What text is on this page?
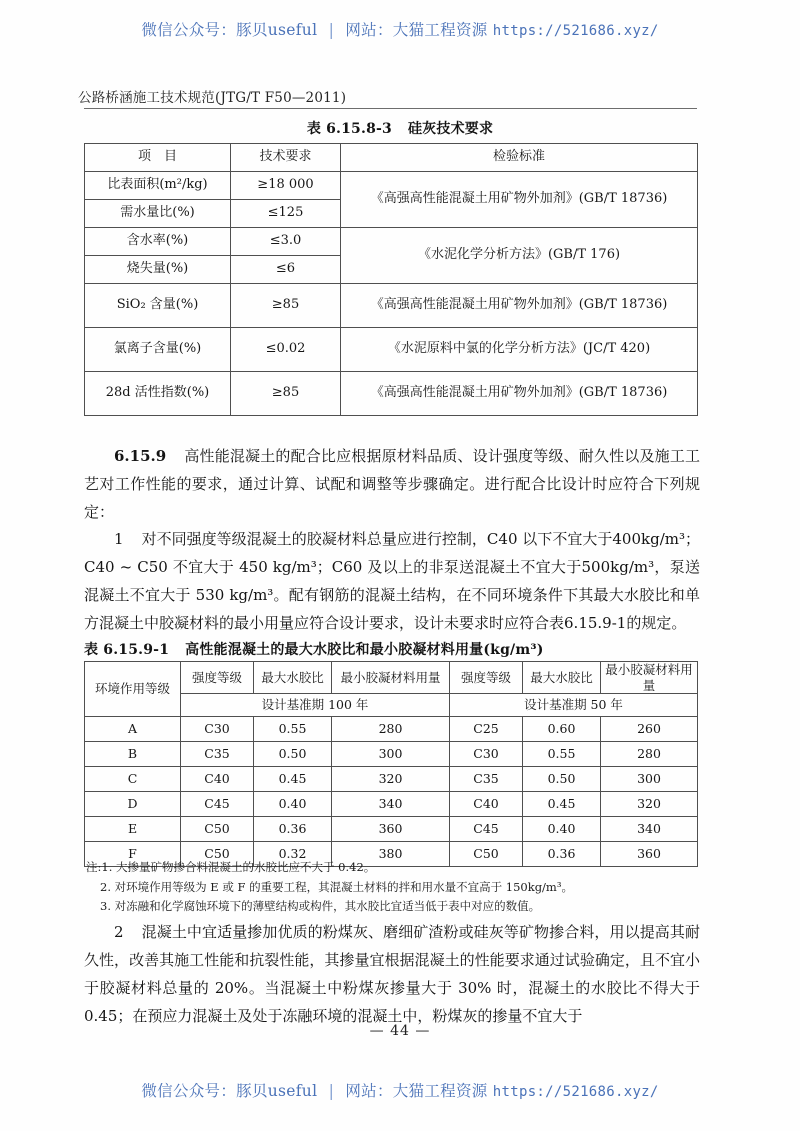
微信公众号：豚贝useful | 网站：大猫工程资源 https://521686.xyz/
公路桥涵施工技术规范(JTG/T F50—2011)
表 6.15.8-3 硅灰技术要求
项　目	技术要求	检验标准
比表面积(m²/kg)	≥18 000	《高强高性能混凝土用矿物外加剂》(GB/T 18736)
需水量比(%)	≤125	
含水率(%)	≤3.0	《水泥化学分析方法》(GB/T 176)
烧失量(%)	≤6	
SiO₂ 含量(%)	≥85	《高强高性能混凝土用矿物外加剂》(GB/T 18736)
氯离子含量(%)	≤0.02	《水泥原料中氯的化学分析方法》(JC/T 420)
28d 活性指数(%)	≥85	《高强高性能混凝土用矿物外加剂》(GB/T 18736)
6.15.9 高性能混凝土的配合比应根据原材料品质、设计强度等级、耐久性以及施工工艺对工作性能的要求，通过计算、试配和调整等步骤确定。进行配合比设计时应符合下列规定：
1 对不同强度等级混凝土的胶凝材料总量应进行控制，C40 以下不宜大于400kg/m³；C40 ~ C50 不宜大于 450 kg/m³；C60 及以上的非泵送混凝土不宜大于500kg/m³，泵送混凝土不宜大于 530 kg/m³。配有钢筋的混凝土结构，在不同环境条件下其最大水胶比和单方混凝土中胶凝材料的最小用量应符合设计要求，设计未要求时应符合表6.15.9-1的规定。
表 6.15.9-1 高性能混凝土的最大水胶比和最小胶凝材料用量(kg/m³)
环境作用等级	强度等级	最大水胶比	最小胶凝材料用量	强度等级	最大水胶比	最小胶凝材料用量
	设计基准期 100 年			设计基准期 50 年		
A	C30	0.55	280	C25	0.60	260
B	C35	0.50	300	C30	0.55	280
C	C40	0.45	320	C35	0.50	300
D	C45	0.40	340	C40	0.45	320
E	C50	0.36	360	C45	0.40	340
F	C50	0.32	380	C50	0.36	360
注:1. 大掺量矿物掺合料混凝土的水胶比应不大于 0.42。
2. 对环境作用等级为 E 或 F 的重要工程，其混凝土材料的拌和用水量不宜高于 150kg/m³。
3. 对冻融和化学腐蚀环境下的薄壁结构或构件，其水胶比宜适当低于表中对应的数值。
2 混凝土中宜适量掺加优质的粉煤灰、磨细矿渣粉或硅灰等矿物掺合料，用以提高其耐久性，改善其施工性能和抗裂性能，其掺量宜根据混凝土的性能要求通过试验确定，且不宜小于胶凝材料总量的 20%。当混凝土中粉煤灰掺量大于 30% 时，混凝土的水胶比不得大于 0.45；在预应力混凝土及处于冻融环境的混凝土中，粉煤灰的掺量不宜大于
— 44 —
微信公众号：豚贝useful | 网站：大猫工程资源 https://521686.xyz/
